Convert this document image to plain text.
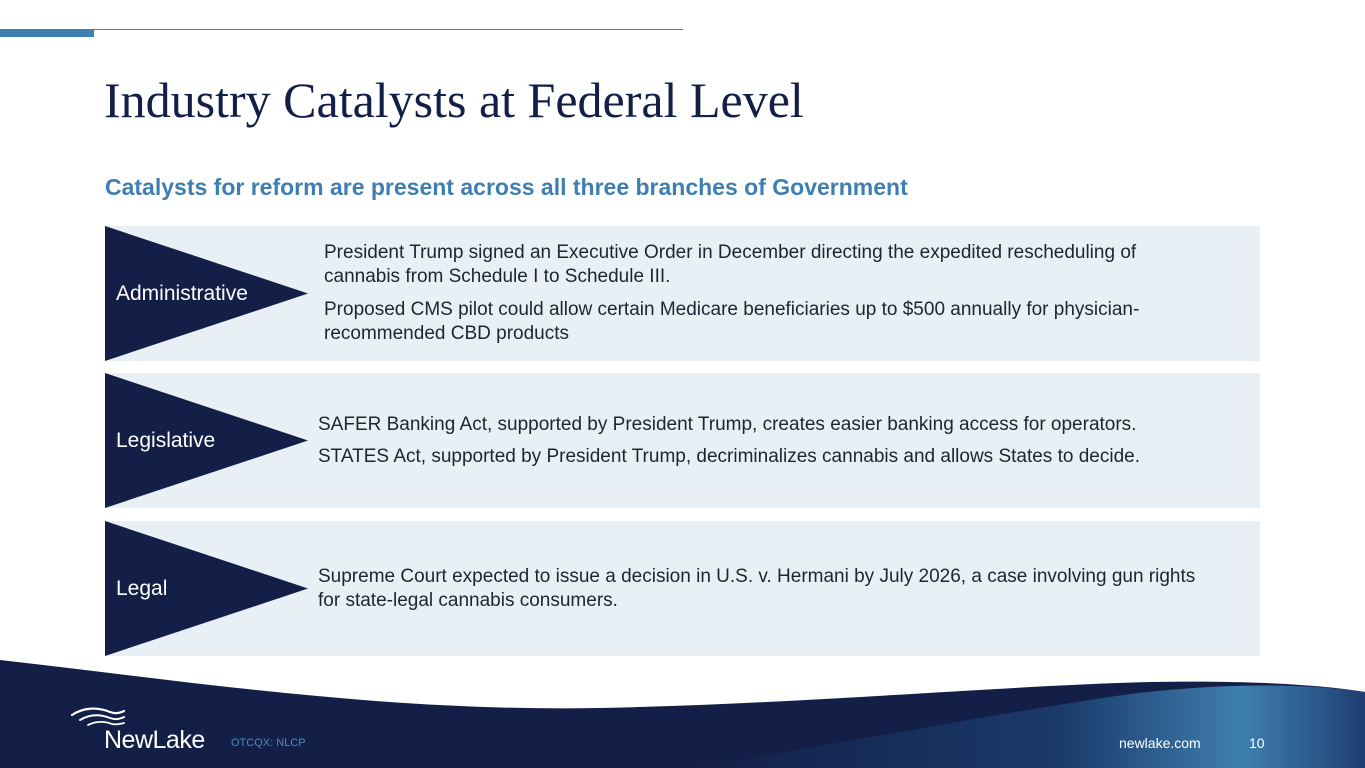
Industry Catalysts at Federal Level
Catalysts for reform are present across all three branches of Government
Administrative

President Trump signed an Executive Order in December directing the expedited rescheduling of cannabis from Schedule I to Schedule III.

Proposed CMS pilot could allow certain Medicare beneficiaries up to $500 annually for physician-recommended CBD products

Legislative

SAFER Banking Act, supported by President Trump, creates easier banking access for operators.

STATES Act, supported by President Trump, decriminalizes cannabis and allows States to decide.

Legal

Supreme Court expected to issue a decision in U.S. v. Hermani by July 2026, a case involving gun rights for state-legal cannabis consumers.

NewLake OTCQX: NLCP	newlake.com	10
